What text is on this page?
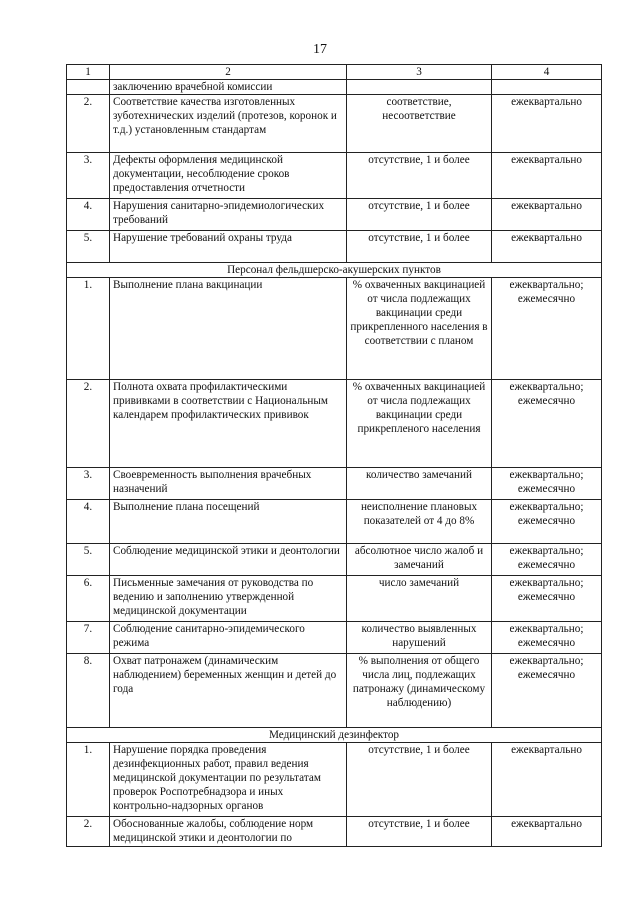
17
1	2	3	4
	заключению врачебной комиссии		
2.	Соответствие качества изготовленных зуботехнических изделий (протезов, коронок и т.д.) установленным стандартам	соответствие, несоответствие	ежеквартально
3.	Дефекты оформления медицинской документации, несоблюдение сроков предоставления отчетности	отсутствие, 1 и более	ежеквартально
4.	Нарушения санитарно-эпидемиологических требований	отсутствие, 1 и более	ежеквартально
5.	Нарушение требований охраны труда	отсутствие, 1 и более	ежеквартально
Персонал фельдшерско-акушерских пунктов			
1.	Выполнение плана вакцинации	% охваченных вакцинацией от числа подлежащих вакцинации среди прикрепленного населения в соответствии с планом	ежеквартально; ежемесячно
2.	Полнота охвата профилактическими прививками в соответствии с Национальным календарем профилактических прививок	% охваченных вакцинацией от числа подлежащих вакцинации среди прикрепленого населения	ежеквартально; ежемесячно
3.	Своевременность выполнения врачебных назначений	количество замечаний	ежеквартально; ежемесячно
4.	Выполнение плана посещений	неисполнение плановых показателей от 4 до 8%	ежеквартально; ежемесячно
5.	Соблюдение медицинской этики и деонтологии	абсолютное число жалоб и замечаний	ежеквартально; ежемесячно
6.	Письменные замечания от руководства по ведению и заполнению утвержденной медицинской документации	число замечаний	ежеквартально; ежемесячно
7.	Соблюдение санитарно-эпидемического режима	количество выявленных нарушений	ежеквартально; ежемесячно
8.	Охват патронажем (динамическим наблюдением) беременных женщин и детей до года	% выполнения от общего числа лиц, подлежащих патронажу (динамическому наблюдению)	ежеквартально; ежемесячно
Медицинский дезинфектор			
1.	Нарушение порядка проведения дезинфекционных работ, правил ведения медицинской документации по результатам проверок Роспотребнадзора и иных контрольно-надзорных органов	отсутствие, 1 и более	ежеквартально
2.	Обоснованные жалобы, соблюдение норм медицинской этики и деонтологии по	отсутствие, 1 и более	ежеквартально
